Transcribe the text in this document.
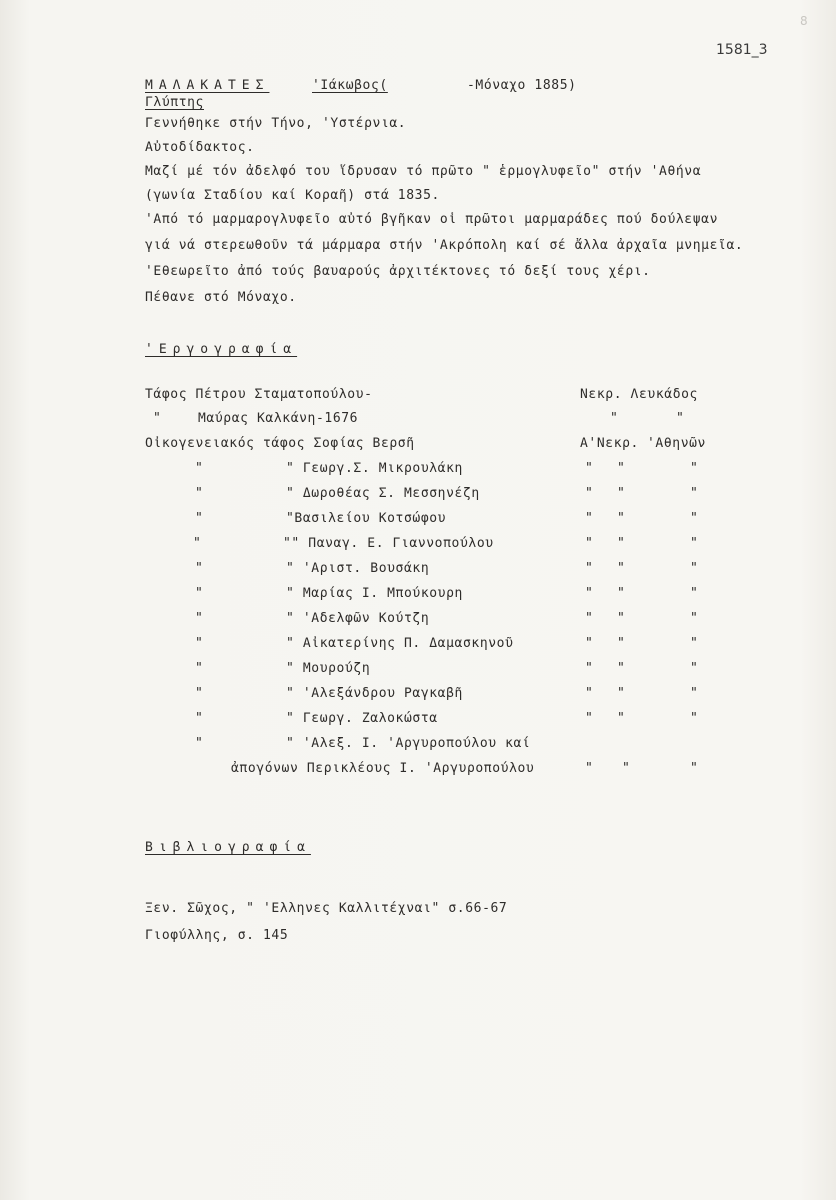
1581_3
8
ΜΑΛΑΚΑΤΕΣ	'Ιάκωβος(	-Μόναχο 1885)
Γλύπτης
Γεννήθηκε στήν Τήνο, 'Υστέρνια.
Αὐτοδίδακτος.
Μαζί μέ τόν ἀδελφό του ἵδρυσαν τό πρῶτο " ἑρμογλυφεῖο" στήν 'Αθήνα
(γωνία Σταδίου καί Κοραῆ) στά 1835.
'Από τό μαρμαρογλυφεῖο αὐτό βγῆκαν οἱ πρῶτοι μαρμαράδες πού δούλεψαν
γιά νά στερεωθοῦν τά μάρμαρα στήν 'Ακρόπολη καί σέ ἄλλα ἀρχαῖα μνημεῖα.
'Εθεωρεῖτο ἀπό τούς βαυαρούς ἀρχιτέκτονες τό δεξί τους χέρι.
Πέθανε στό Μόναχο.
'Εργογραφία
Τάφος Πέτρου Σταματοπούλου-	Νεκρ. Λευκάδος
"	Μαύρας Καλκάνη-1676	"	"
Οἰκογενειακός τάφος Σοφίας Βερσῆ	Α'Νεκρ. 'Αθηνῶν
"	" Γεωργ.Σ. Μικρουλάκη	" "	"
"	" Δωροθέας Σ. Μεσσηνέζη	" "	"
"	"Βασιλείου Κοτσώφου	" "	"
"	"" Παναγ. Ε. Γιαννοπούλου	" "	"
"	" 'Αριστ. Βουσάκη	" "	"
"	" Μαρίας Ι. Μπούκουρη	" "	"
"	" 'Αδελφῶν Κούτζη	" "	"
"	" Αἰκατερίνης Π. Δαμασκηνοῦ	" "	"
"	" Μουρούζη	" "	"
"	" 'Αλεξάνδρου Ραγκαβῆ	" "	"
"	" Γεωργ. Ζαλοκώστα	" "	"
"	" 'Αλεξ. Ι. 'Αργυροπούλου καί
ἀπογόνων Περικλέους Ι. 'Αργυροπούλου	" "	"
Βιβλιογραφία
Ξεν. Σῶχος, " 'Ελληνες Καλλιτέχναι" σ.66-67
Γιοφύλλης, σ. 145
